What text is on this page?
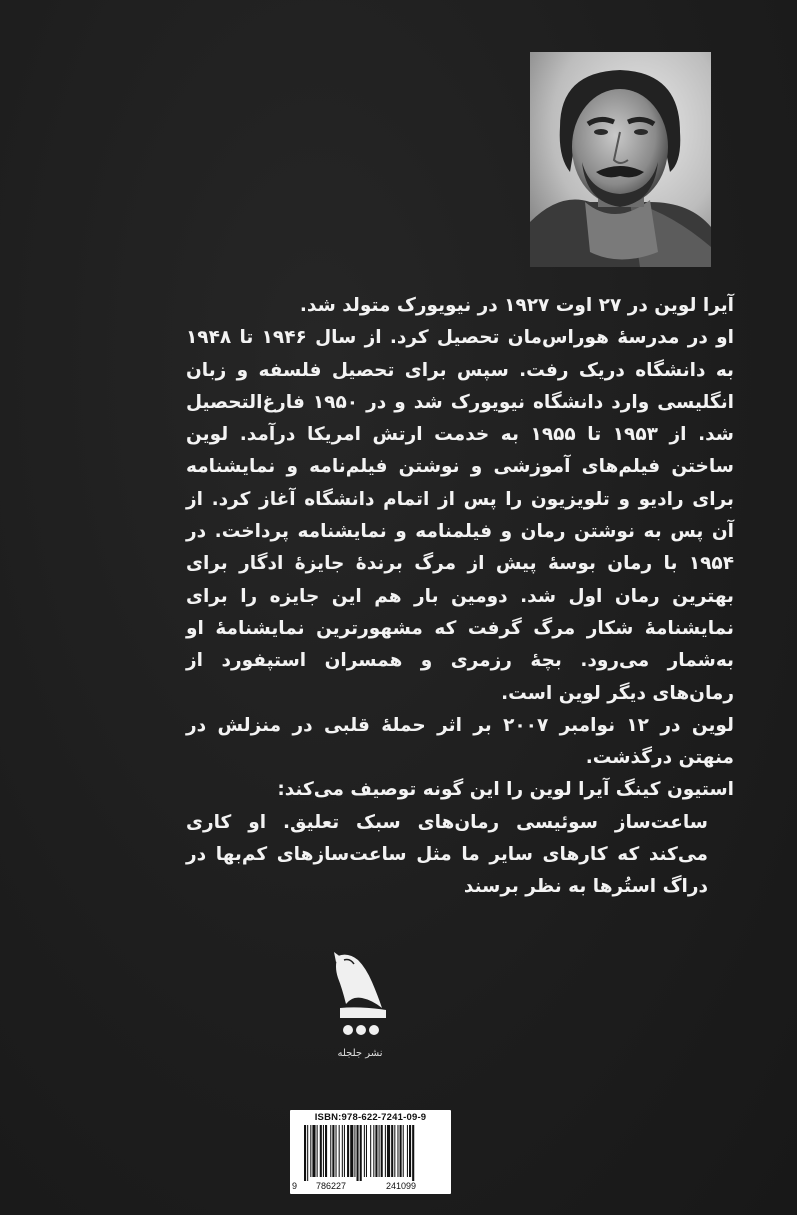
آیرا لوین در ۲۷ اوت ۱۹۲۷ در نیویورک متولد شد.

او در مدرسهٔ هوراس‌مان تحصیل کرد. از سال ۱۹۴۶ تا ۱۹۴۸ به دانشگاه دریک رفت. سپس برای تحصیل فلسفه و زبان انگلیسی وارد دانشگاه نیویورک شد و در ۱۹۵۰ فارغ‌التحصیل شد. از ۱۹۵۳ تا ۱۹۵۵ به خدمت ارتش امریکا درآمد. لوین ساختن فیلم‌های آموزشی و نوشتن فیلم‌نامه و نمایشنامه برای رادیو و تلویزیون را پس از اتمام دانشگاه آغاز کرد. از آن پس به نوشتن رمان و فیلمنامه و نمایشنامه پرداخت. در ۱۹۵۴ با رمان بوسهٔ پیش از مرگ برندهٔ جایزهٔ ادگار برای بهترین رمان اول شد. دومین بار هم این جایزه را برای نمایشنامهٔ شکار مرگ گرفت که مشهورترین نمایشنامهٔ او به‌شمار می‌رود. بچهٔ رزمری و همسران استپفورد از رمان‌های دیگر لوین است.

لوین در ۱۲ نوامبر ۲۰۰۷ بر اثر حملهٔ قلبی در منزلش در منهتن درگذشت.

استیون کینگ آیرا لوین را این گونه توصیف می‌کند:

ساعت‌ساز سوئیسی رمان‌های سبک تعلیق. او کاری می‌کند که کارهای سایر ما مثل ساعت‌سازهای کم‌بها در دراگ استُرها به نظر برسند

نشر جلجله
ISBN:978-622-7241-09-9
9 786227	241099
